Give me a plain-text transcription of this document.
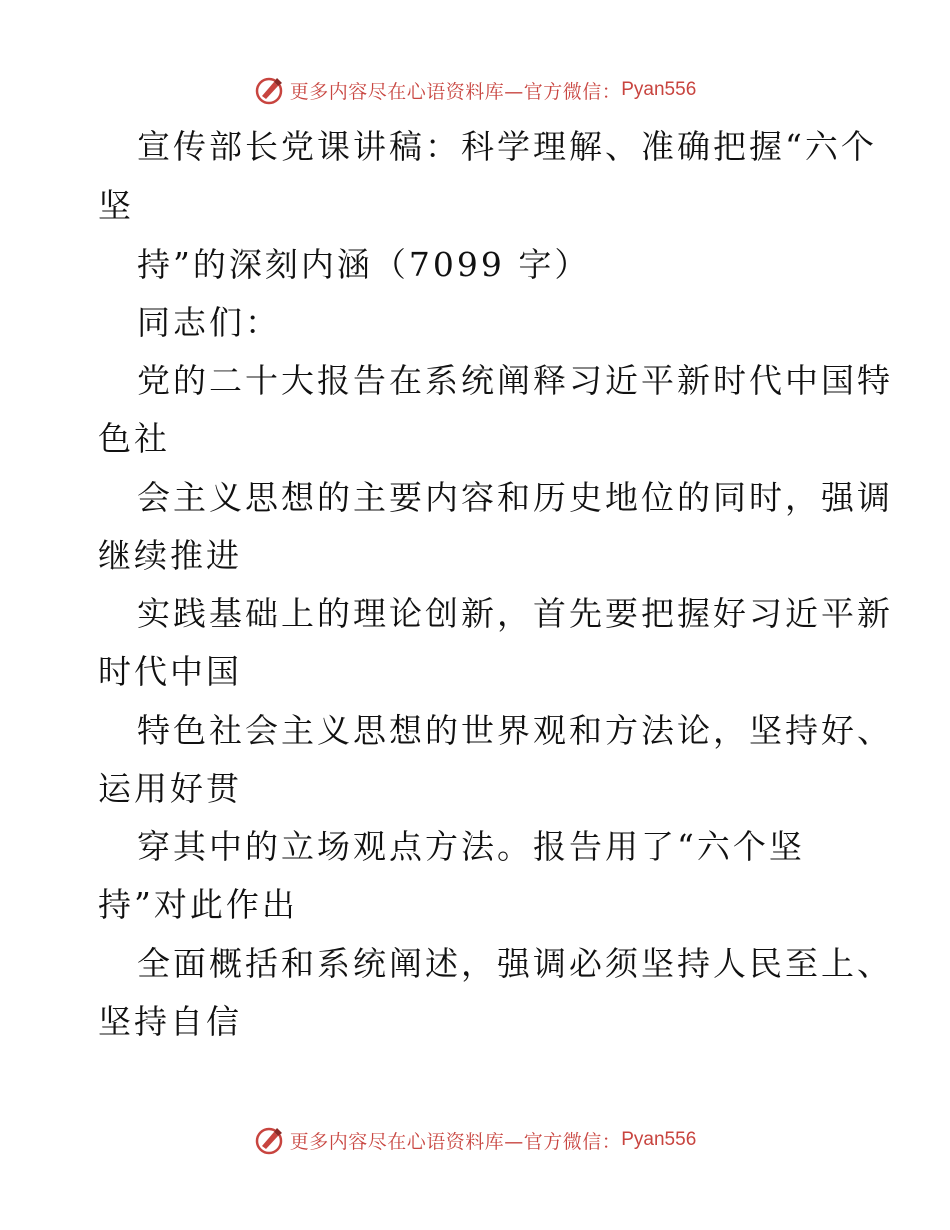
更多内容尽在心语资料库—官方微信： Pyan556
宣传部长党课讲稿：科学理解、准确把握“六个
坚
持”的深刻内涵（7099 字）
同志们：
党的二十大报告在系统阐释习近平新时代中国特
色社
会主义思想的主要内容和历史地位的同时，强调
继续推进
实践基础上的理论创新，首先要把握好习近平新
时代中国
特色社会主义思想的世界观和方法论，坚持好、
运用好贯
穿其中的立场观点方法。报告用了“六个坚
持”对此作出
全面概括和系统阐述，强调必须坚持人民至上、
坚持自信
更多内容尽在心语资料库—官方微信： Pyan556
